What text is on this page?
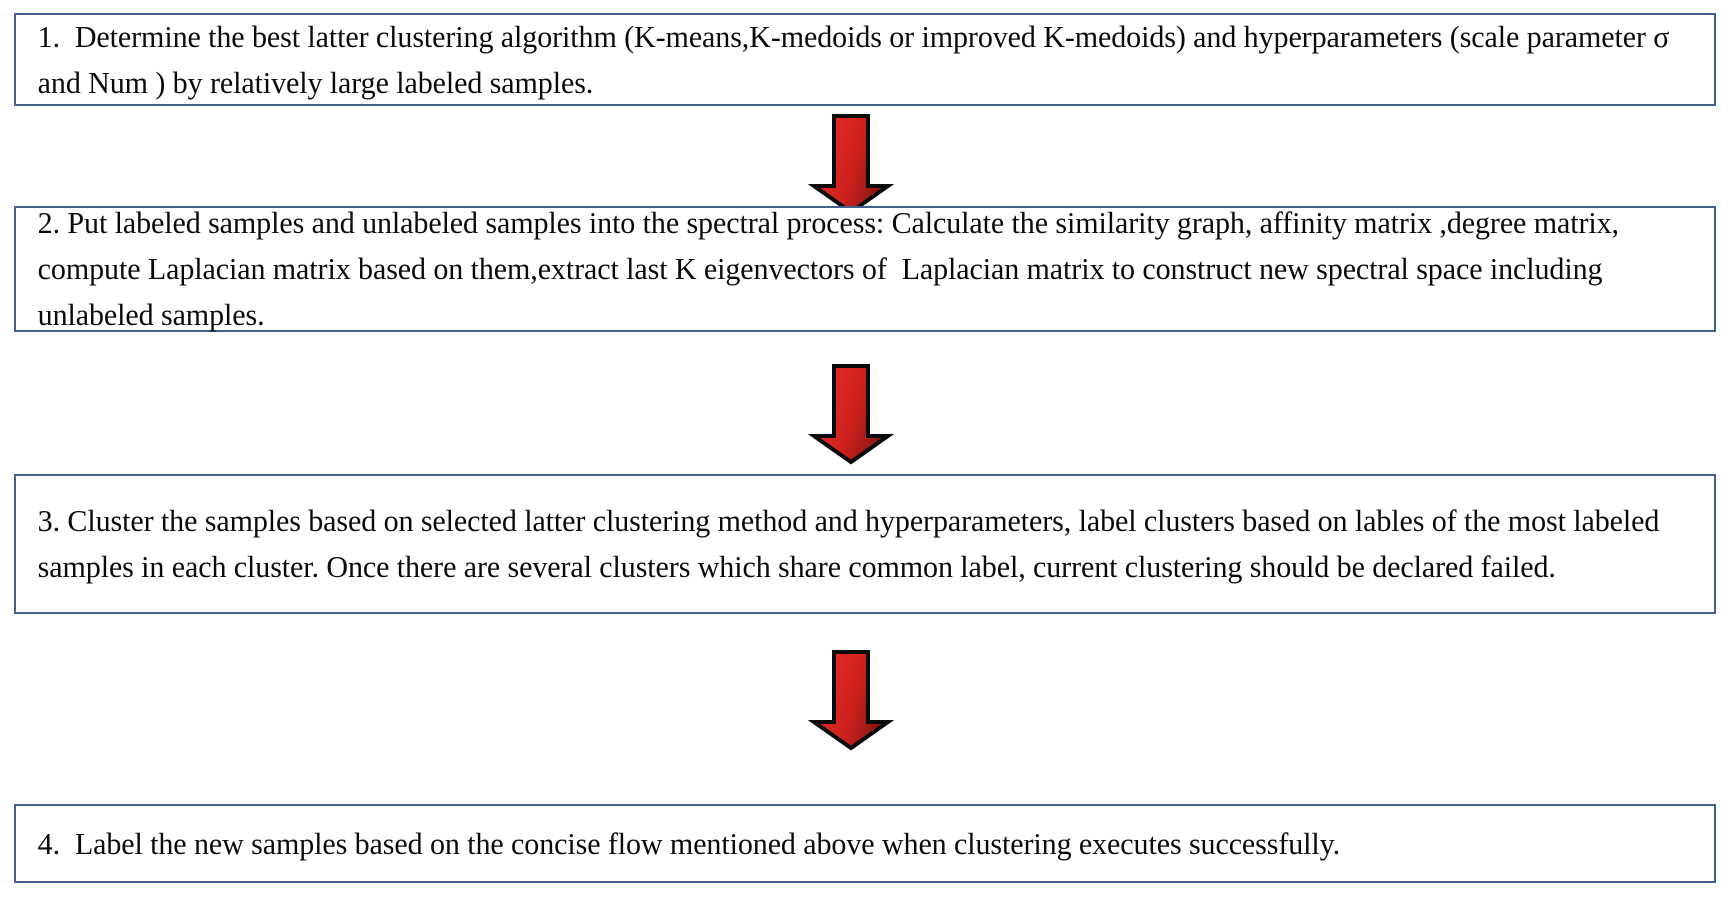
1.  Determine the best latter clustering algorithm (K-means,K-medoids or improved K-medoids) and hyperparameters (scale parameter σ and Num ) by relatively large labeled samples.
2. Put labeled samples and unlabeled samples into the spectral process: Calculate the similarity graph, affinity matrix ,degree matrix, compute Laplacian matrix based on them,extract last K eigenvectors of  Laplacian matrix to construct new spectral space including unlabeled samples.
3. Cluster the samples based on selected latter clustering method and hyperparameters, label clusters based on lables of the most labeled samples in each cluster. Once there are several clusters which share common label, current clustering should be declared failed.
4.  Label the new samples based on the concise flow mentioned above when clustering executes successfully.
